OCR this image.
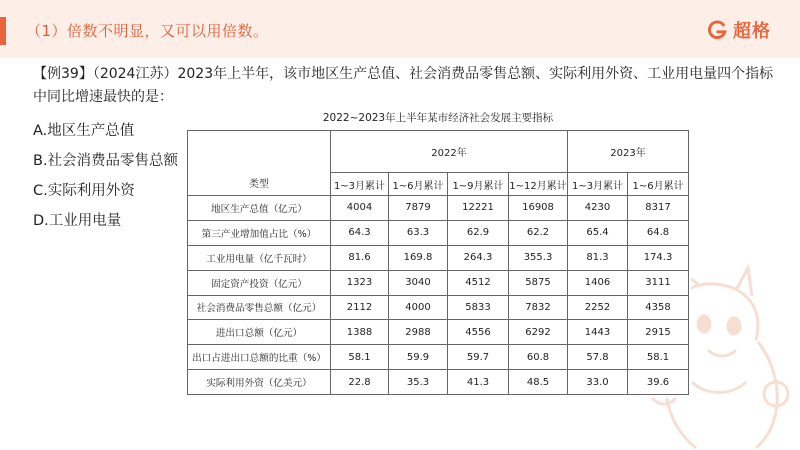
（1）倍数不明显，又可以用倍数。	超格
【例39】（2024江苏）2023年上半年，该市地区生产总值、社会消费品零售总额、实际利用外资、工业用电量四个指标中同比增速最快的是：
A.地区生产总值
B.社会消费品零售总额
C.实际利用外资
D.工业用电量
2022~2023年上半年某市经济社会发展主要指标
类型	2022年				2023年	
	1~3月累计	1~6月累计	1~9月累计	1~12月累计	1~3月累计	1~6月累计
地区生产总值（亿元）	4004	7879	12221	16908	4230	8317
第三产业增加值占比（%）	64.3	63.3	62.9	62.2	65.4	64.8
工业用电量（亿千瓦时）	81.6	169.8	264.3	355.3	81.3	174.3
固定资产投资（亿元）	1323	3040	4512	5875	1406	3111
社会消费品零售总额（亿元）	2112	4000	5833	7832	2252	4358
进出口总额（亿元）	1388	2988	4556	6292	1443	2915
出口占进出口总额的比重（%）	58.1	59.9	59.7	60.8	57.8	58.1
实际利用外资（亿美元）	22.8	35.3	41.3	48.5	33.0	39.6
